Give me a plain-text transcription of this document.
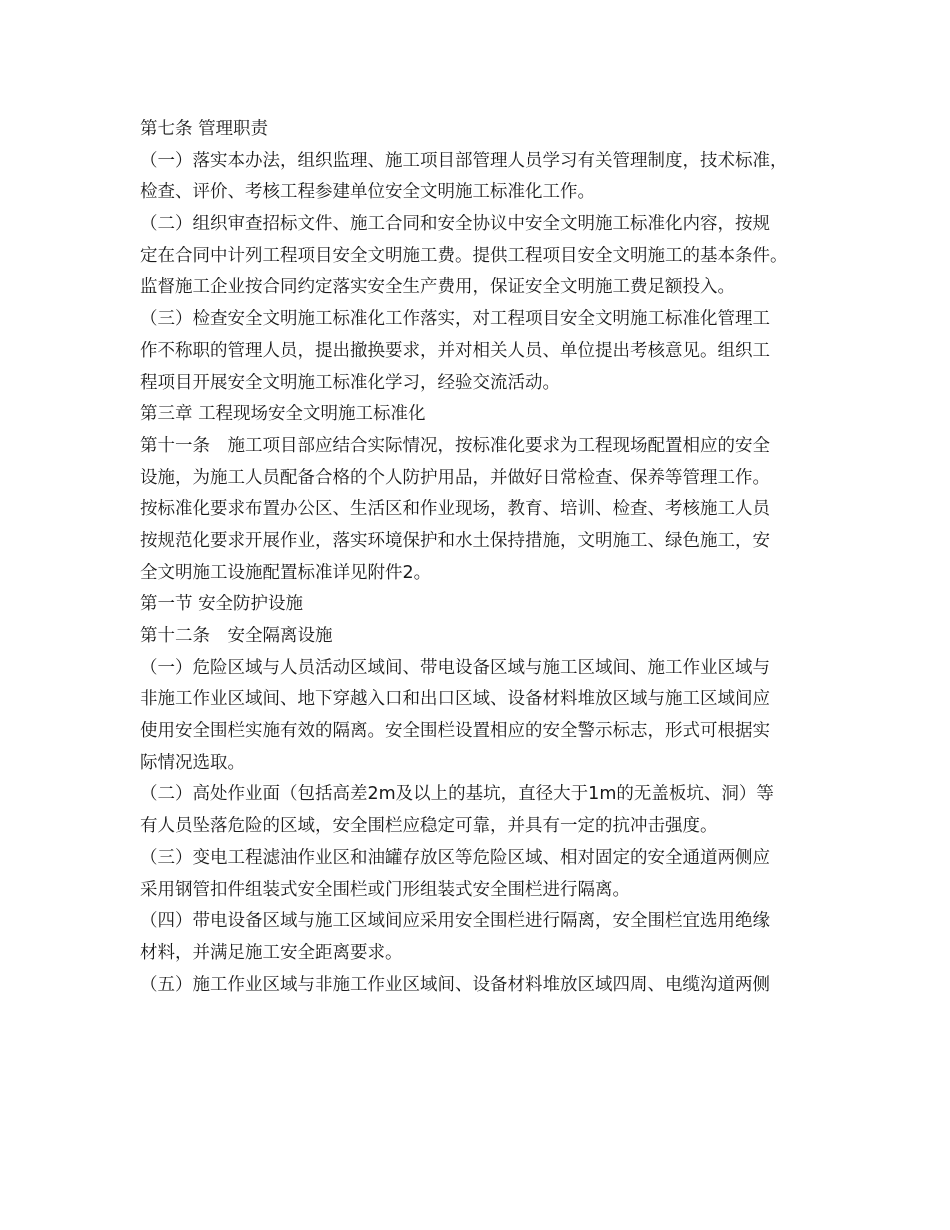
第七条 管理职责
（一）落实本办法，组织监理、施工项目部管理人员学习有关管理制度，技术标准，
检查、评价、考核工程参建单位安全文明施工标准化工作。
（二）组织审查招标文件、施工合同和安全协议中安全文明施工标准化内容，按规
定在合同中计列工程项目安全文明施工费。提供工程项目安全文明施工的基本条件。
监督施工企业按合同约定落实安全生产费用，保证安全文明施工费足额投入。
（三）检查安全文明施工标准化工作落实，对工程项目安全文明施工标准化管理工
作不称职的管理人员，提出撤换要求，并对相关人员、单位提出考核意见。组织工
程项目开展安全文明施工标准化学习，经验交流活动。
第三章 工程现场安全文明施工标准化
第十一条　施工项目部应结合实际情况，按标准化要求为工程现场配置相应的安全
设施，为施工人员配备合格的个人防护用品，并做好日常检查、保养等管理工作。
按标准化要求布置办公区、生活区和作业现场，教育、培训、检查、考核施工人员
按规范化要求开展作业，落实环境保护和水土保持措施，文明施工、绿色施工，安
全文明施工设施配置标准详见附件2。
第一节 安全防护设施
第十二条　安全隔离设施
（一）危险区域与人员活动区域间、带电设备区域与施工区域间、施工作业区域与
非施工作业区域间、地下穿越入口和出口区域、设备材料堆放区域与施工区域间应
使用安全围栏实施有效的隔离。安全围栏设置相应的安全警示标志，形式可根据实
际情况选取。
（二）高处作业面（包括高差2m及以上的基坑，直径大于1m的无盖板坑、洞）等
有人员坠落危险的区域，安全围栏应稳定可靠，并具有一定的抗冲击强度。
（三）变电工程滤油作业区和油罐存放区等危险区域、相对固定的安全通道两侧应
采用钢管扣件组装式安全围栏或门形组装式安全围栏进行隔离。
（四）带电设备区域与施工区域间应采用安全围栏进行隔离，安全围栏宜选用绝缘
材料，并满足施工安全距离要求。
（五）施工作业区域与非施工作业区域间、设备材料堆放区域四周、电缆沟道两侧
